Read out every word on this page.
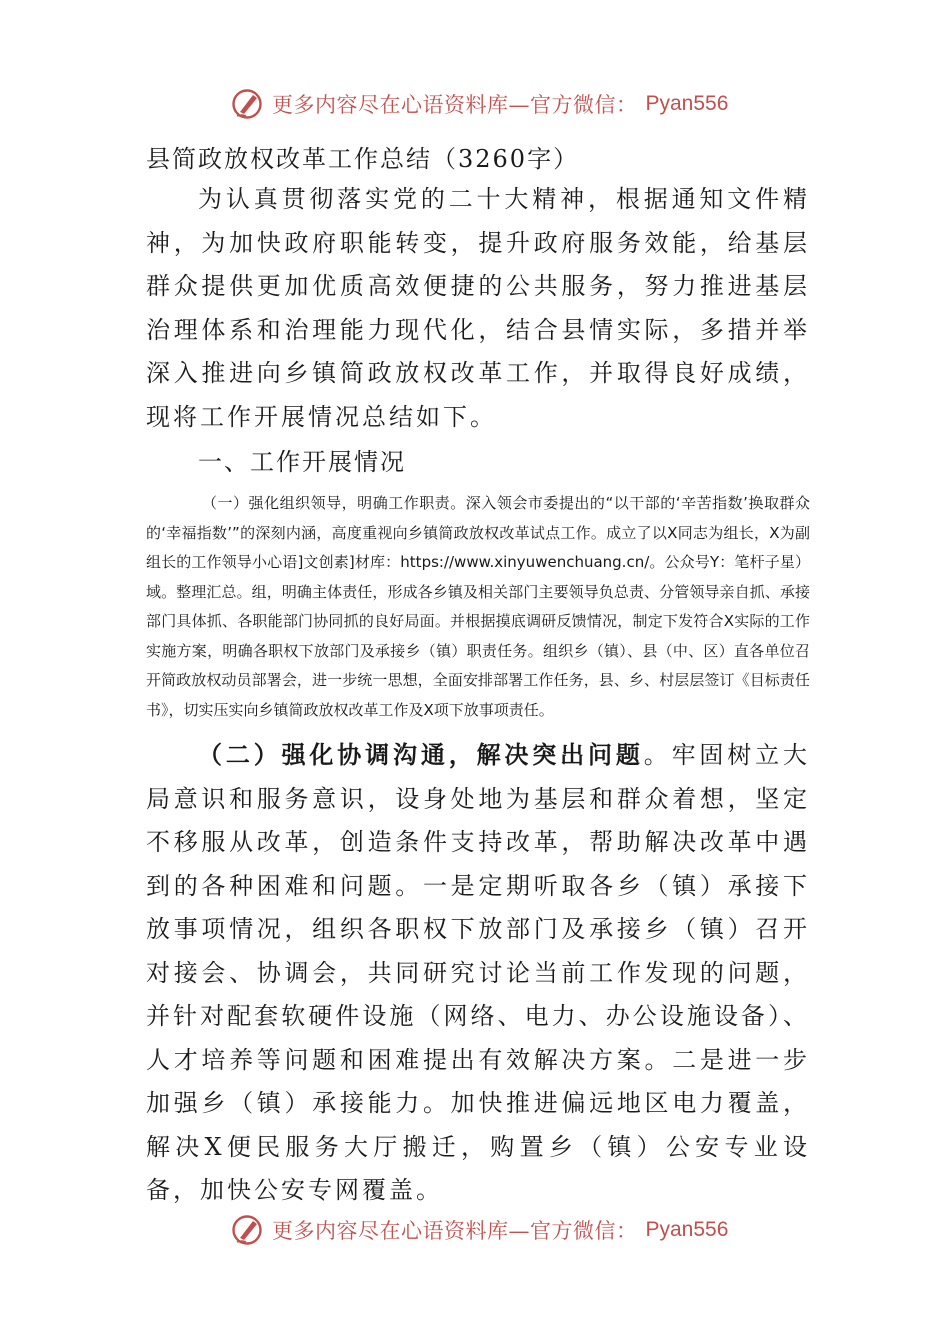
更多内容尽在心语资料库—官方微信： Pyan556
县简政放权改革工作总结（3260字）

为认真贯彻落实党的二十大精神，根据通知文件精神，为加快政府职能转变，提升政府服务效能，给基层群众提供更加优质高效便捷的公共服务，努力推进基层治理体系和治理能力现代化，结合县情实际，多措并举深入推进向乡镇简政放权改革工作，并取得良好成绩，现将工作开展情况总结如下。

一、工作开展情况

（一）强化组织领导，明确工作职责。深入领会市委提出的“以干部的‘辛苦指数’换取群众的‘幸福指数’”的深刻内涵，高度重视向乡镇简政放权改革试点工作。成立了以X同志为组长，X为副组长的工作领导小心语]文创素]材库：https://www.xinyuwenchuang.cn/。公众号Y：笔杆子星）域。整理汇总。组，明确主体责任，形成各乡镇及相关部门主要领导负总责、分管领导亲自抓、承接部门具体抓、各职能部门协同抓的良好局面。并根据摸底调研反馈情况，制定下发符合X实际的工作实施方案，明确各职权下放部门及承接乡（镇）职责任务。组织乡（镇）、县（中、区）直各单位召开简政放权动员部署会，进一步统一思想，全面安排部署工作任务，县、乡、村层层签订《目标责任书》，切实压实向乡镇简政放权改革工作及X项下放事项责任。

（二）强化协调沟通，解决突出问题。牢固树立大局意识和服务意识，设身处地为基层和群众着想，坚定不移服从改革，创造条件支持改革，帮助解决改革中遇到的各种困难和问题。一是定期听取各乡（镇）承接下放事项情况，组织各职权下放部门及承接乡（镇）召开对接会、协调会，共同研究讨论当前工作发现的问题，并针对配套软硬件设施（网络、电力、办公设施设备）、人才培养等问题和困难提出有效解决方案。二是进一步加强乡（镇）承接能力。加快推进偏远地区电力覆盖，解决X便民服务大厅搬迁，购置乡（镇）公安专业设备，加快公安专网覆盖。

更多内容尽在心语资料库—官方微信： Pyan556
